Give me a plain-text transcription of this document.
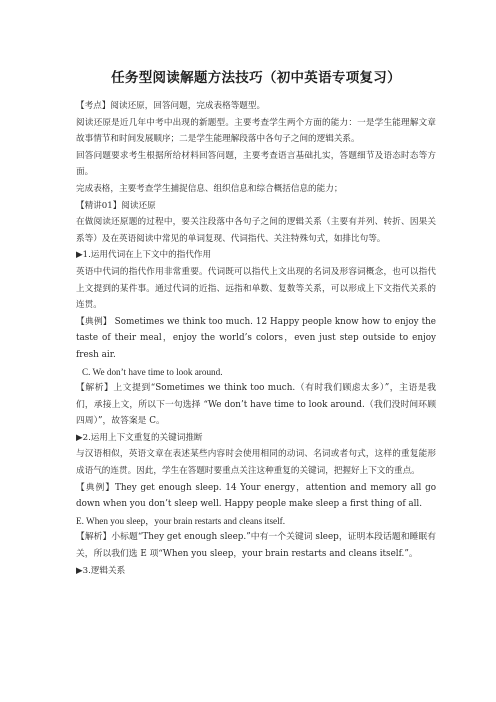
任务型阅读解题方法技巧（初中英语专项复习）

【考点】阅读还原，回答问题，完成表格等题型。

阅读还原是近几年中考中出现的新题型。主要考查学生两个方面的能力：一是学生能理解文章故事情节和时间发展顺序；二是学生能理解段落中各句子之间的逻辑关系。

回答问题要求考生根据所给材料回答问题，主要考查语言基础扎实，答题细节及语态时态等方面。

完成表格，主要考查学生捕捉信息、组织信息和综合概括信息的能力；

【精讲01】阅读还原

在做阅读还原题的过程中，要关注段落中各句子之间的逻辑关系（主要有并列、转折、因果关系等）及在英语阅读中常见的单词复现、代词指代、关注特殊句式，如排比句等。

▶1.运用代词在上下文中的指代作用

英语中代词的指代作用非常重要。代词既可以指代上文出现的名词及形容词概念，也可以指代上文提到的某件事。通过代词的近指、远指和单数、复数等关系，可以形成上下文指代关系的连贯。

【典例】 Sometimes we think too much. 12 Happy people know how to enjoy the taste of their meal，enjoy the world’s colors，even just step outside to enjoy fresh air.

C. We don’t have time to look around.

【解析】上文提到“Sometimes we think too much.（有时我们顾虑太多）”，主语是我们，承接上文，所以下一句选择 “We don’t have time to look around.（我们没时间环顾四周）”，故答案是 C。

▶2.运用上下文重复的关键词推断

与汉语相似，英语文章在表述某些内容时会使用相同的动词、名词或者句式，这样的重复能形成语气的连贯。因此，学生在答题时要重点关注这种重复的关键词，把握好上下文的重点。

【典例】They get enough sleep. 14 Your energy，attention and memory all go down when you don’t sleep well. Happy people make sleep a first thing of all.

E. When you sleep，your brain restarts and cleans itself.

【解析】小标题“They get enough sleep.”中有一个关键词 sleep，证明本段话题和睡眠有关，所以我们选 E 项“When you sleep，your brain restarts and cleans itself.”。

▶3.逻辑关系
